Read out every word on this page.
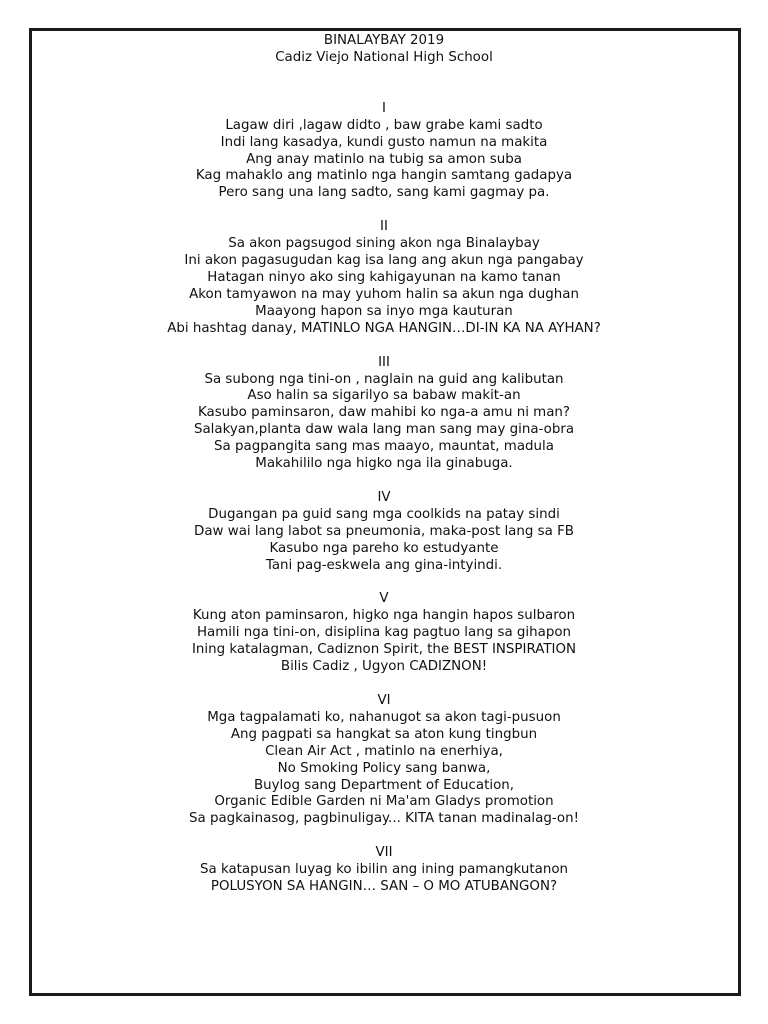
BINALAYBAY 2019

Cadiz Viejo National High School

I

Lagaw diri ,lagaw didto , baw grabe kami sadto

Indi lang kasadya, kundi gusto namun na makita

Ang anay matinlo na tubig sa amon suba

Kag mahaklo ang matinlo nga hangin samtang gadapya

Pero sang una lang sadto, sang kami gagmay pa.

II

Sa akon pagsugod sining akon nga Binalaybay

Ini akon pagasugudan kag isa lang ang akun nga pangabay

Hatagan ninyo ako sing kahigayunan na kamo tanan

Akon tamyawon na may yuhom halin sa akun nga dughan

Maayong hapon sa inyo mga kauturan

Abi hashtag danay, MATINLO NGA HANGIN…DI-IN KA NA AYHAN?

III

Sa subong nga tini-on , naglain na guid ang kalibutan

Aso halin sa sigarilyo sa babaw makit-an

Kasubo paminsaron, daw mahibi ko nga-a amu ni man?

Salakyan,planta daw wala lang man sang may gina-obra

Sa pagpangita sang mas maayo, mauntat, madula

Makahililo nga higko nga ila ginabuga.

IV

Dugangan pa guid sang mga coolkids na patay sindi

Daw wai lang labot sa pneumonia, maka-post lang sa FB

Kasubo nga pareho ko estudyante

Tani pag-eskwela ang gina-intyindi.

V

Kung aton paminsaron, higko nga hangin hapos sulbaron

Hamili nga tini-on, disiplina kag pagtuo lang sa gihapon

Ining katalagman, Cadiznon Spirit, the BEST INSPIRATION

Bilis Cadiz , Ugyon CADIZNON!

VI

Mga tagpalamati ko, nahanugot sa akon tagi-pusuon

Ang pagpati sa hangkat sa aton kung tingbun

Clean Air Act , matinlo na enerhiya,

No Smoking Policy sang banwa,

Buylog sang Department of Education,

Organic Edible Garden ni Ma'am Gladys promotion

Sa pagkainasog, pagbinuligay... KITA tanan madinalag-on!

VII

Sa katapusan luyag ko ibilin ang ining pamangkutanon

POLUSYON SA HANGIN… SAN – O MO ATUBANGON?
